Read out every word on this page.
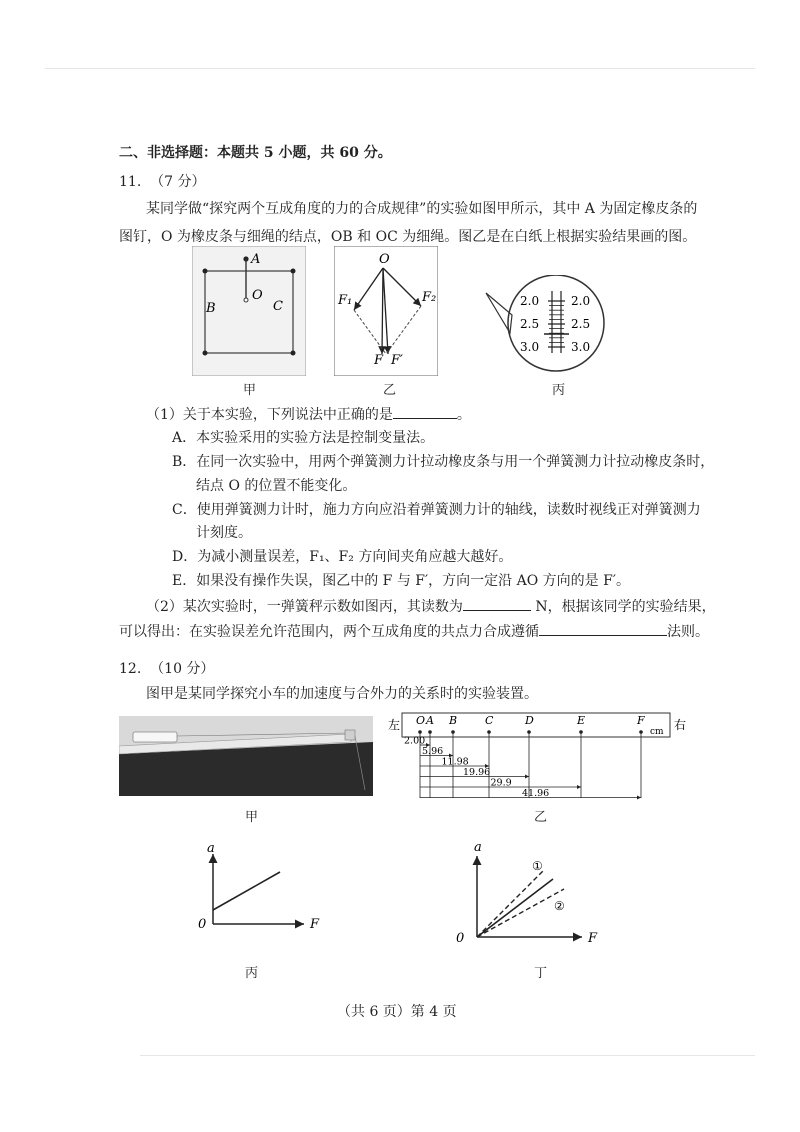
二、非选择题：本题共 5 小题，共 60 分。
11. （7 分）
某同学做“探究两个互成角度的力的合成规律”的实验如图甲所示，其中 A 为固定橡皮条的
图钉，O 为橡皮条与细绳的结点，OB 和 OC 为细绳。图乙是在白纸上根据实验结果画的图。
A
O
B	C
甲
O
F₁	F₂
F F′
乙
2.0
2.5
3.0
2.0
2.5
3.0
丙
（1）关于本实验，下列说法中正确的是	。
A．本实验采用的实验方法是控制变量法。
B．在同一次实验中，用两个弹簧测力计拉动橡皮条与用一个弹簧测力计拉动橡皮条时，
结点 O 的位置不能变化。
C．使用弹簧测力计时，施力方向应沿着弹簧测力计的轴线，读数时视线正对弹簧测力
计刻度。
D．为减小测量误差，F₁、F₂ 方向间夹角应越大越好。
E．如果没有操作失误，图乙中的 F 与 F′，方向一定沿 AO 方向的是 F′。
（2）某次实验时，一弹簧秤示数如图丙，其读数为	N，根据该同学的实验结果，
可以得出：在实验误差允许范围内，两个互成角度的共点力合成遵循	法则。
12. （10 分）
图甲是某同学探究小车的加速度与合外力的关系时的实验装置。
甲
左	右
cm
O A B	C	D	E	F
2.00
5.96
11.98
19.96
29.9
41.96
乙
a
F
0
丙
a
F
0
①
②
丁
（共 6 页）第 4 页
